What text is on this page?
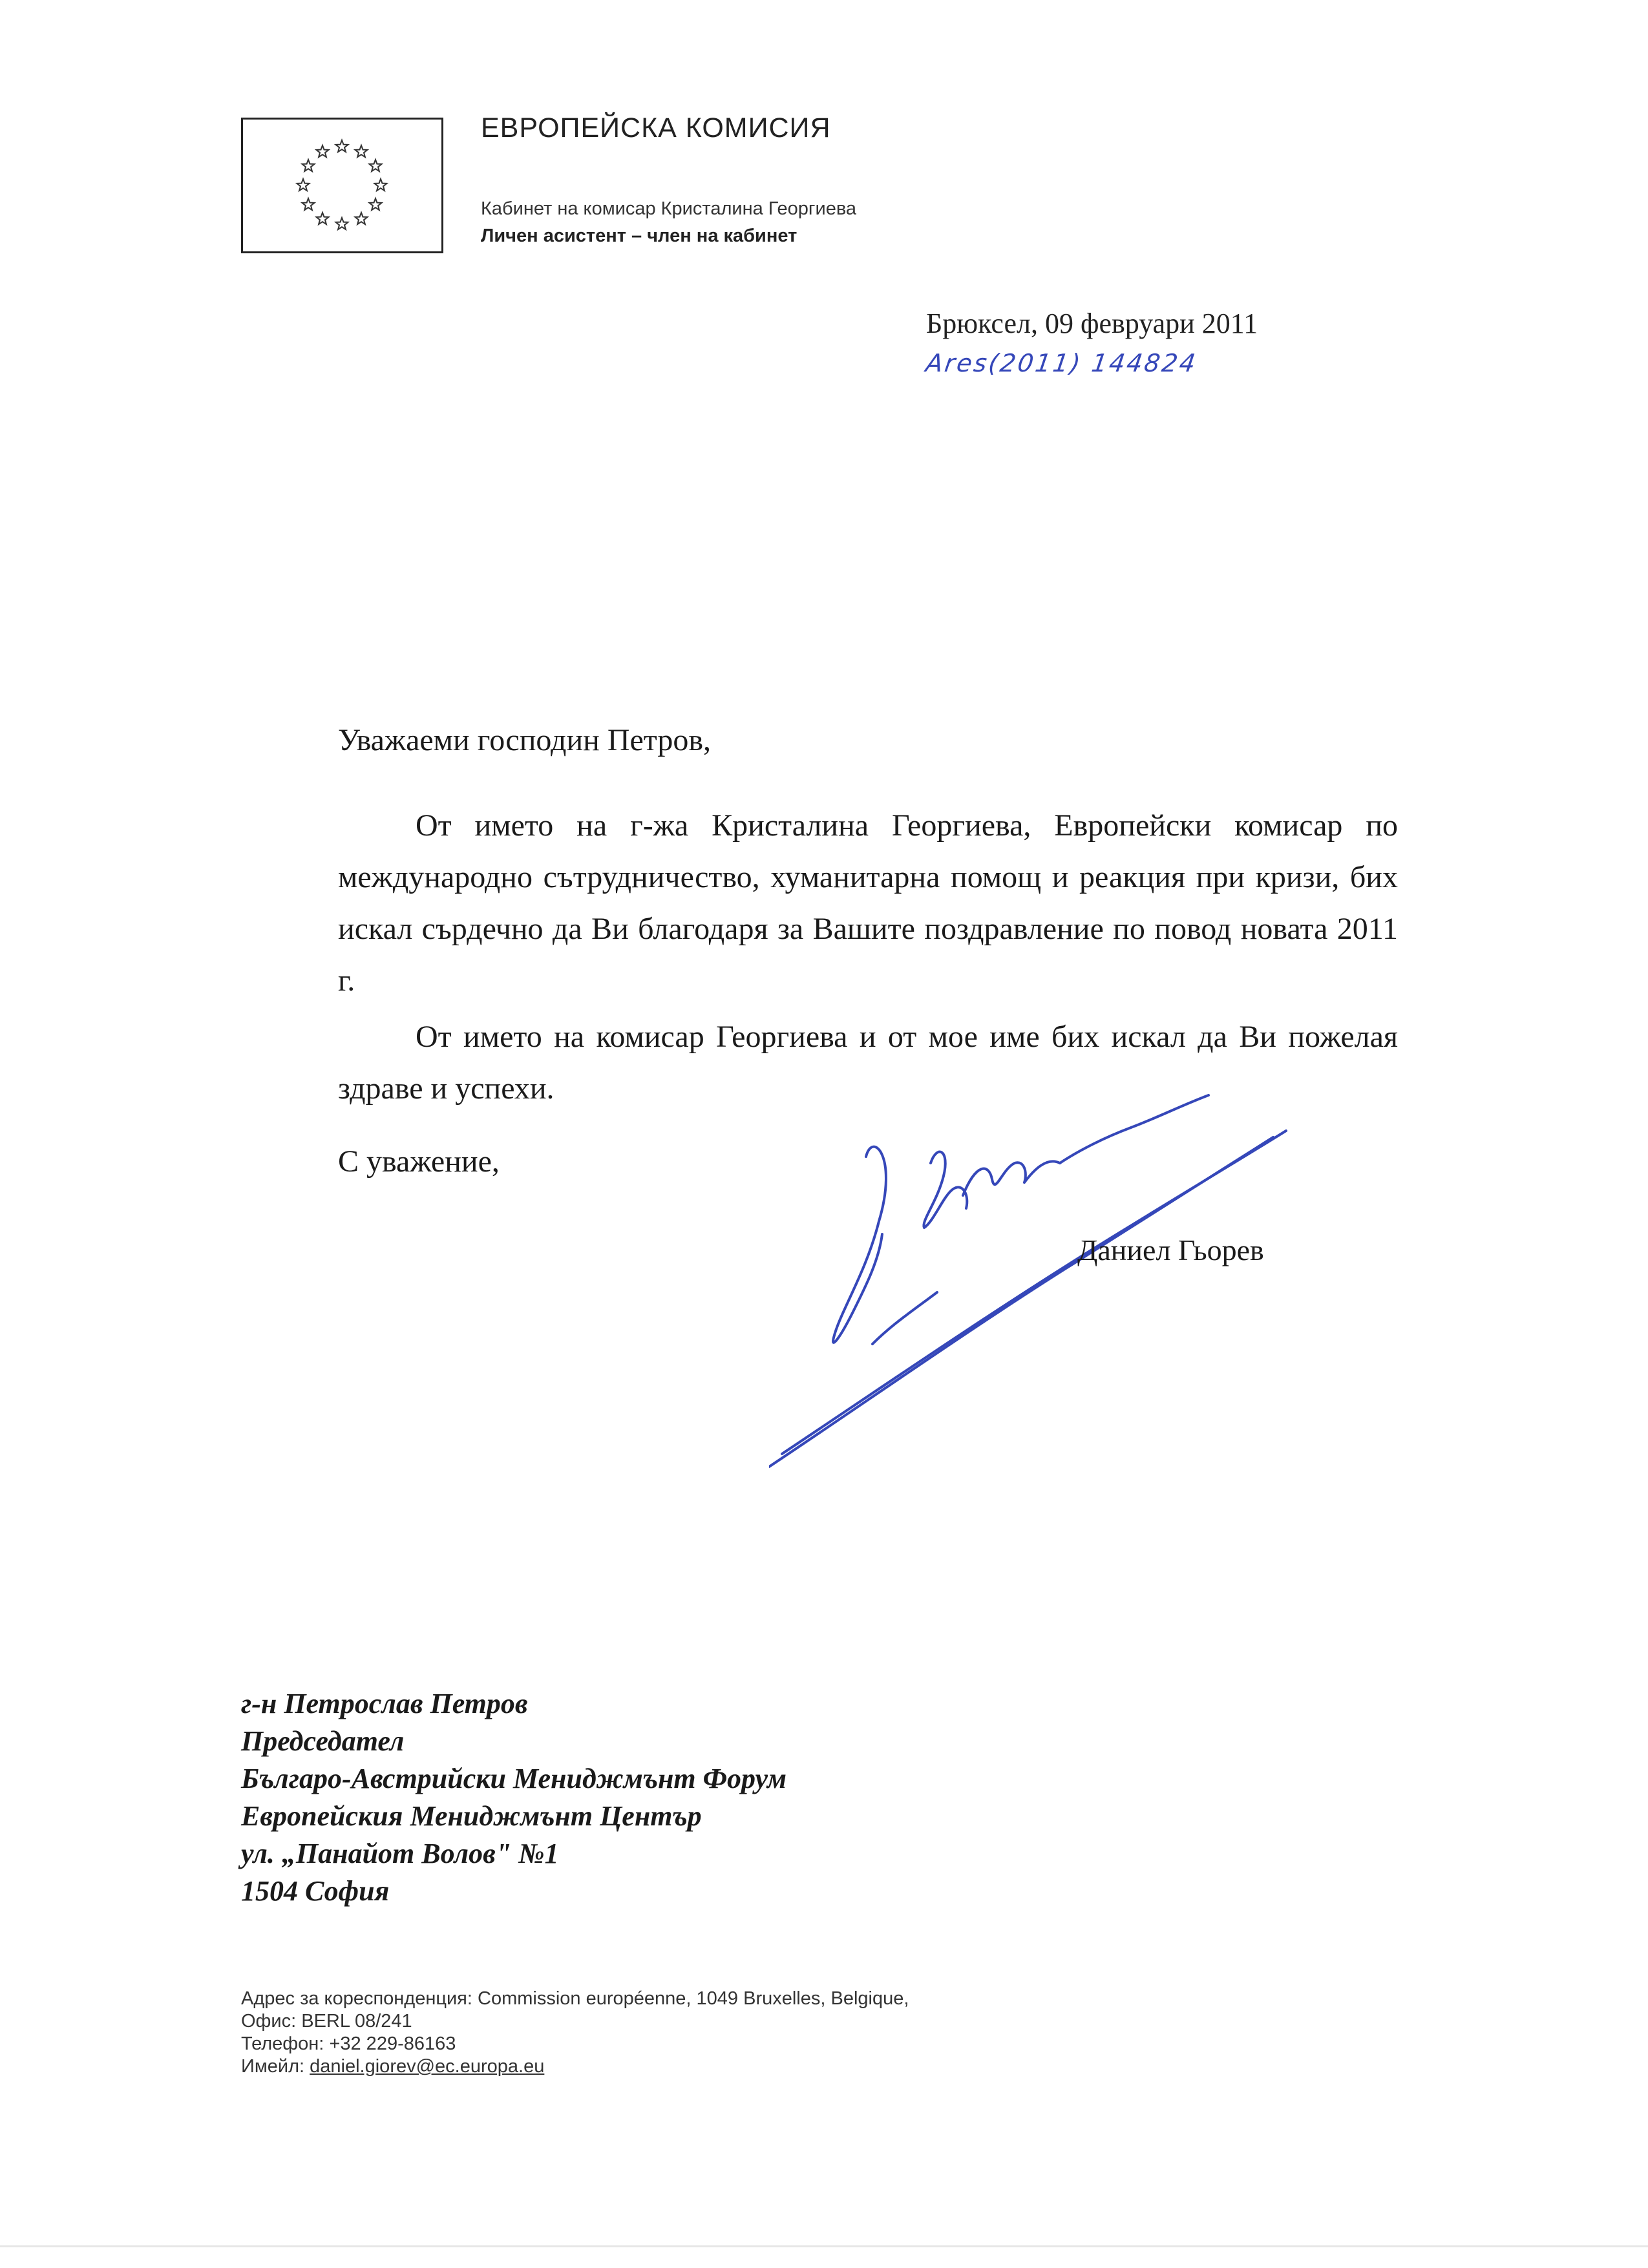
ЕВРОПЕЙСКА КОМИСИЯ
Кабинет на комисар Кристалина Георгиева
Личен асистент – член на кабинет
Брюксел, 09 февруари 2011
Ares(2011) 144824
Уважаеми господин Петров,

От името на г-жа Кристалина Георгиева, Европейски комисар по международно сътрудничество, хуманитарна помощ и реакция при кризи, бих искал сърдечно да Ви благодаря за Вашите поздравление по повод новата 2011 г.

От името на комисар Георгиева и от мое име бих искал да Ви пожелая здраве и успехи.

С уважение,
Даниел Гьорев
г-н Петрослав Петров
Председател
Българо-Австрийски Мениджмънт Форум
Европейския Мениджмънт Център
ул. „Панайот Волов" №1
1504 София
Адрес за кореспонденция: Commission européenne, 1049 Bruxelles, Belgique,
Офис: BERL 08/241
Телефон: +32 229-86163
Имейл: daniel.giorev@ec.europa.eu
